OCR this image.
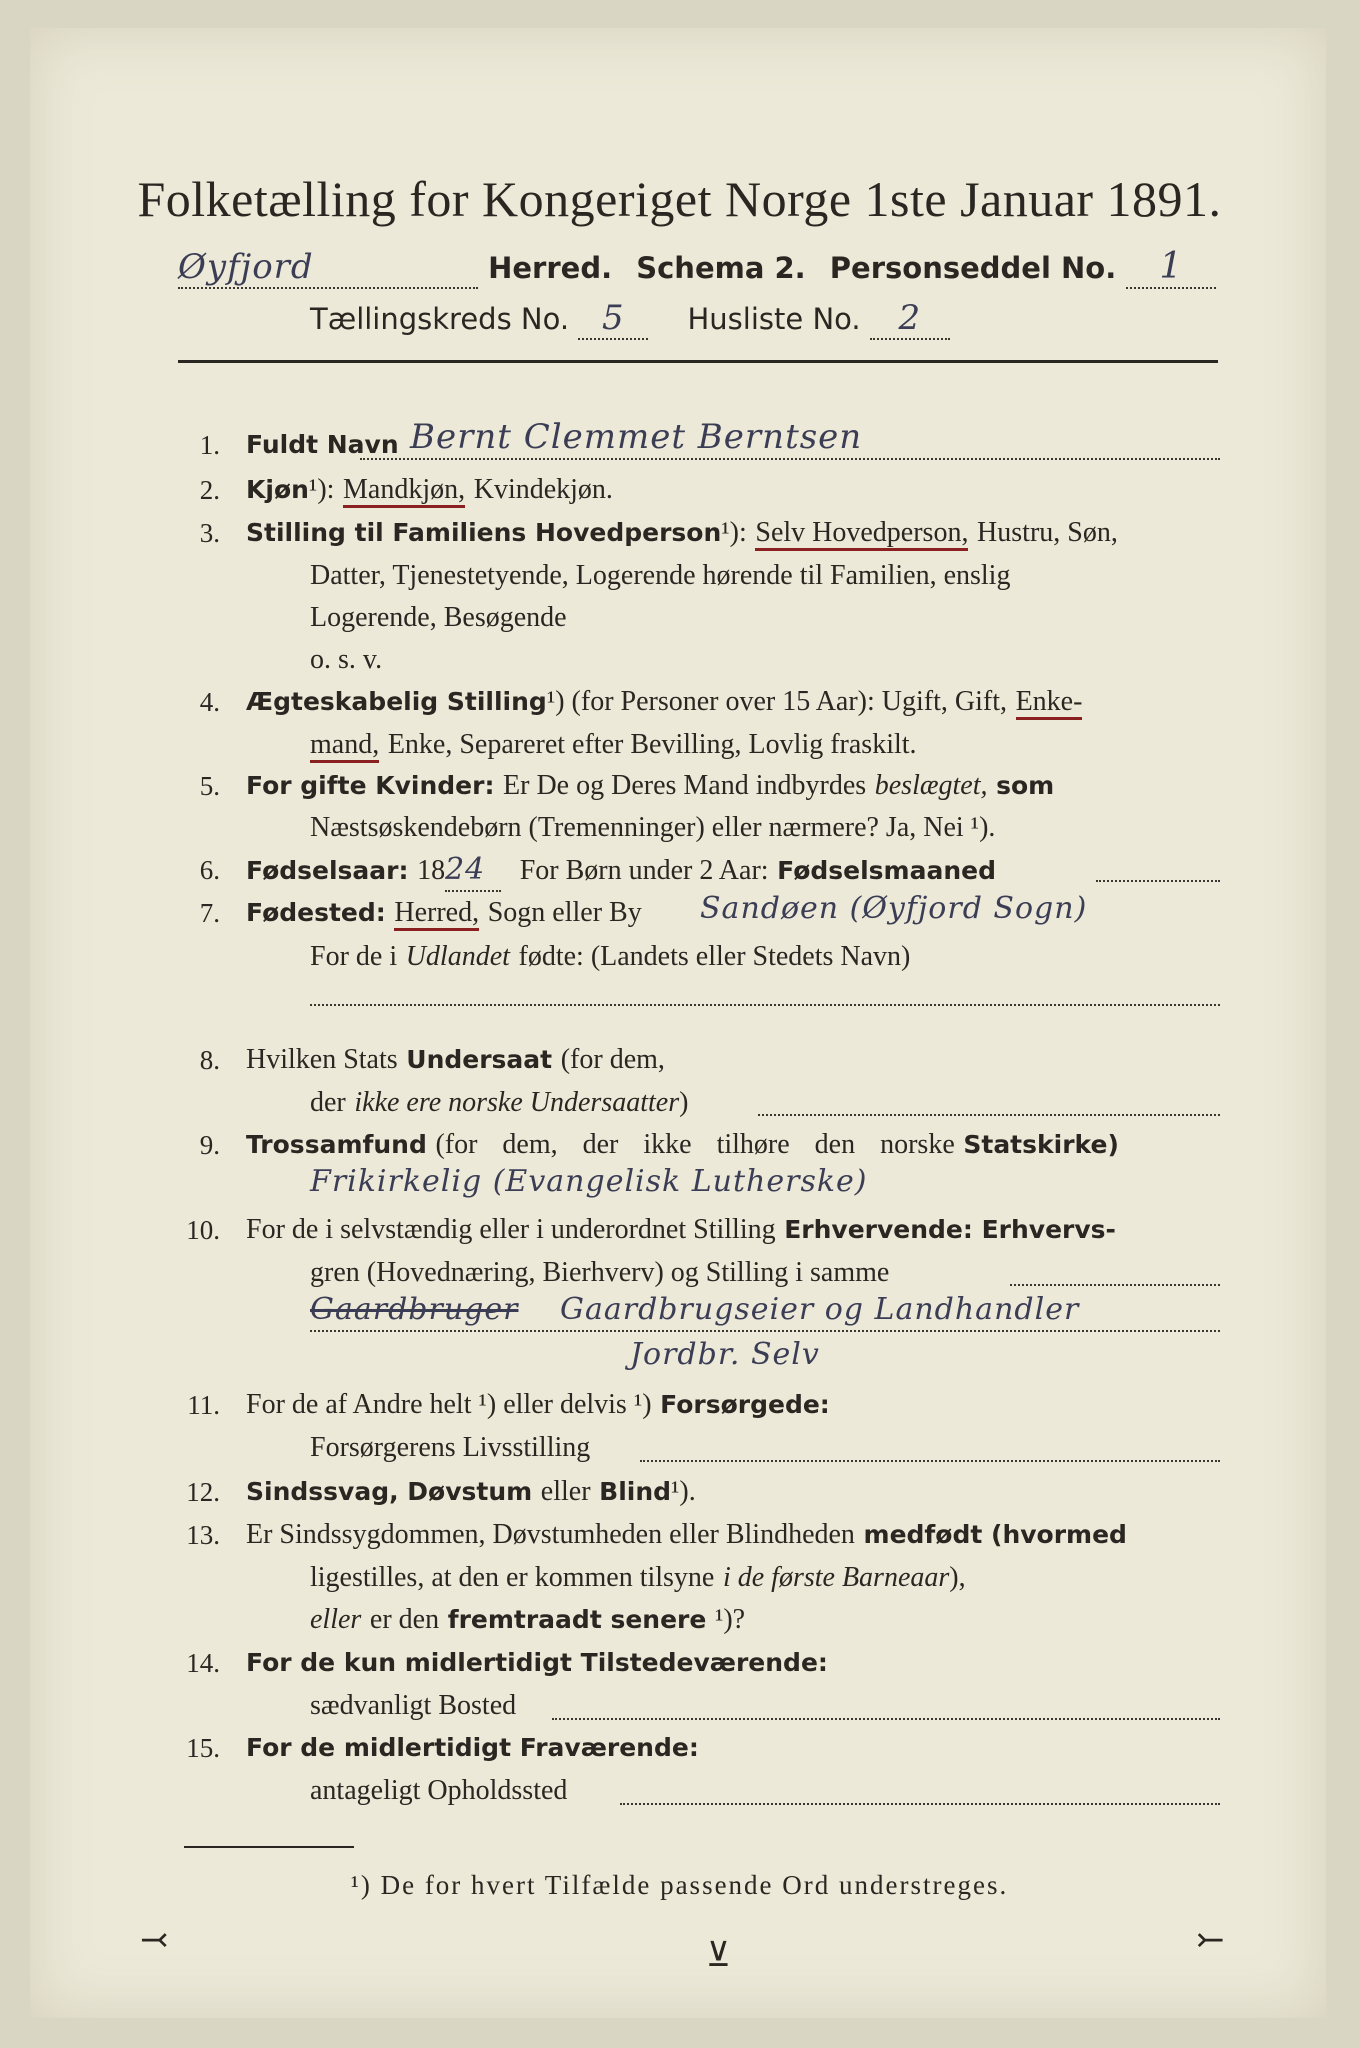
Folketælling for Kongeriget Norge 1ste Januar 1891.
Øyfjord	Herred. Schema 2. Personseddel No. 1
Tællingskreds No. 5 Husliste No. 2
1. Fuldt Navn Bernt Clemmet Berntsen
2. Kjøn¹): Mandkjøn, Kvindekjøn.
3. Stilling til Familiens Hovedperson¹): Selv Hovedperson, Hustru, Søn,
Datter, Tjenestetyende, Logerende hørende til Familien, enslig
Logerende, Besøgende
o. s. v.
4. Ægteskabelig Stilling¹) (for Personer over 15 Aar): Ugift, Gift, Enke-
mand, Enke, Separeret efter Bevilling, Lovlig fraskilt.
5. For gifte Kvinder: Er De og Deres Mand indbyrdes beslægtet, som
Næstsøskendebørn (Tremenninger) eller nærmere? Ja, Nei ¹).
6. Fødselsaar: 1824 For Børn under 2 Aar: Fødselsmaaned
7. Fødested: Herred, Sogn eller By Sandøen (Øyfjord Sogn)
For de i Udlandet fødte: (Landets eller Stedets Navn)
8. Hvilken Stats Undersaat (for dem,
der ikke ere norske Undersaatter)
9. Trossamfund (for dem, der ikke tilhøre den norske Statskirke)
Frikirkelig (Evangelisk Lutherske)
10. For de i selvstændig eller i underordnet Stilling Erhvervende: Erhvervs-
gren (Hovednæring, Bierhverv) og Stilling i samme
Gaardbruger Gaardbrugseier og Landhandler
Jordbr. Selv
11. For de af Andre helt ¹) eller delvis ¹) Forsørgede:
Forsørgerens Livsstilling
12. Sindssvag, Døvstum eller Blind¹).
13. Er Sindssygdommen, Døvstumheden eller Blindheden medfødt (hvormed
ligestilles, at den er kommen tilsyne i de første Barneaar),
eller er den fremtraadt senere ¹)?
14. For de kun midlertidigt Tilstedeværende:
sædvanligt Bosted
15. For de midlertidigt Fraværende:
antageligt Opholdssted
¹) De for hvert Tilfælde passende Ord understreges.
⤙	⊻	⤚
